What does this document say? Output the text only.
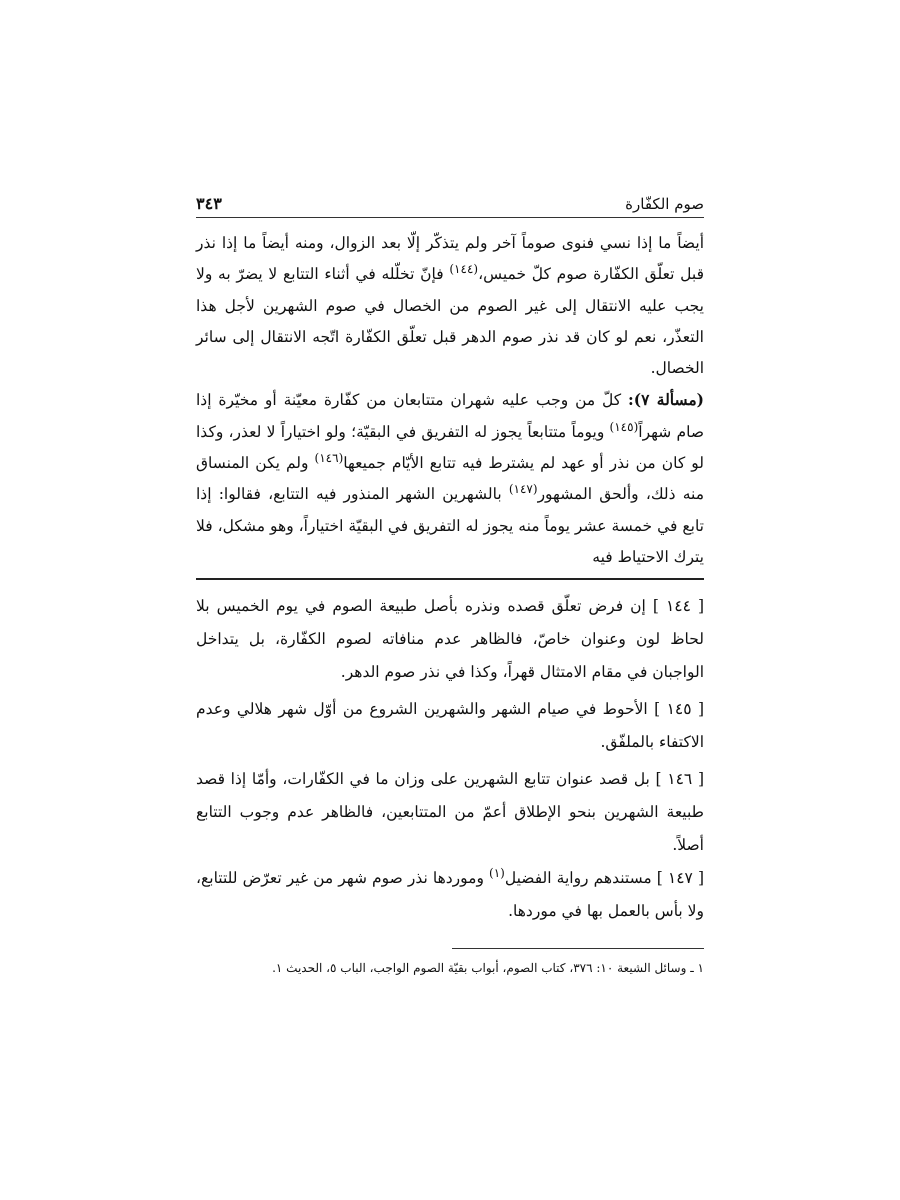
صوم الكفّارة
٣٤٣

أيضاً ما إذا نسي فنوى صوماً آخر ولم يتذكّر إلّا بعد الزوال، ومنه أيضاً ما إذا نذر قبل تعلّق الكفّارة صوم كلّ خميس،$^{(١٤٤)}$ فإنّ تخلّله في أثناء التتابع لا يضرّ به ولا يجب عليه الانتقال إلى غير الصوم من الخصال في صوم الشهرين لأجل هذا التعذّر، نعم لو كان قد نذر صوم الدهر قبل تعلّق الكفّارة اتّجه الانتقال إلى سائر الخصال.

(مسألة ٧): كلّ من وجب عليه شهران متتابعان من كفّارة معيّنة أو مخيّرة إذا صام شهراً$^{(١٤٥)}$ ويوماً متتابعاً يجوز له التفريق في البقيّة؛ ولو اختياراً لا لعذر، وكذا لو كان من نذر أو عهد لم يشترط فيه تتابع الأيّام جميعها$^{(١٤٦)}$ ولم يكن المنساق منه ذلك، وألحق المشهور$^{(١٤٧)}$ بالشهرين الشهر المنذور فيه التتابع، فقالوا: إذا تابع في خمسة عشر يوماً منه يجوز له التفريق في البقيّة اختياراً، وهو مشكل، فلا يترك الاحتياط فيه

[ ١٤٤ ] إن فرض تعلّق قصده ونذره بأصل طبيعة الصوم في يوم الخميس بلا لحاظ لون وعنوان خاصّ، فالظاهر عدم منافاته لصوم الكفّارة، بل يتداخل الواجبان في مقام الامتثال قهراً، وكذا في نذر صوم الدهر.

[ ١٤٥ ] الأحوط في صيام الشهر والشهرين الشروع من أوّل شهر هلالي وعدم الاكتفاء بالملفّق.

[ ١٤٦ ] بل قصد عنوان تتابع الشهرين على وزان ما في الكفّارات، وأمّا إذا قصد طبيعة الشهرين بنحو الإطلاق أعمّ من المتتابعين، فالظاهر عدم وجوب التتابع أصلاً.

[ ١٤٧ ] مستندهم رواية الفضيل$^{(١)}$ وموردها نذر صوم شهر من غير تعرّض للتتابع، ولا بأس بالعمل بها في موردها.

١ ـ وسائل الشيعة ١٠: ٣٧٦، كتاب الصوم، أبواب بقيّة الصوم الواجب، الباب ٥، الحديث ١.
